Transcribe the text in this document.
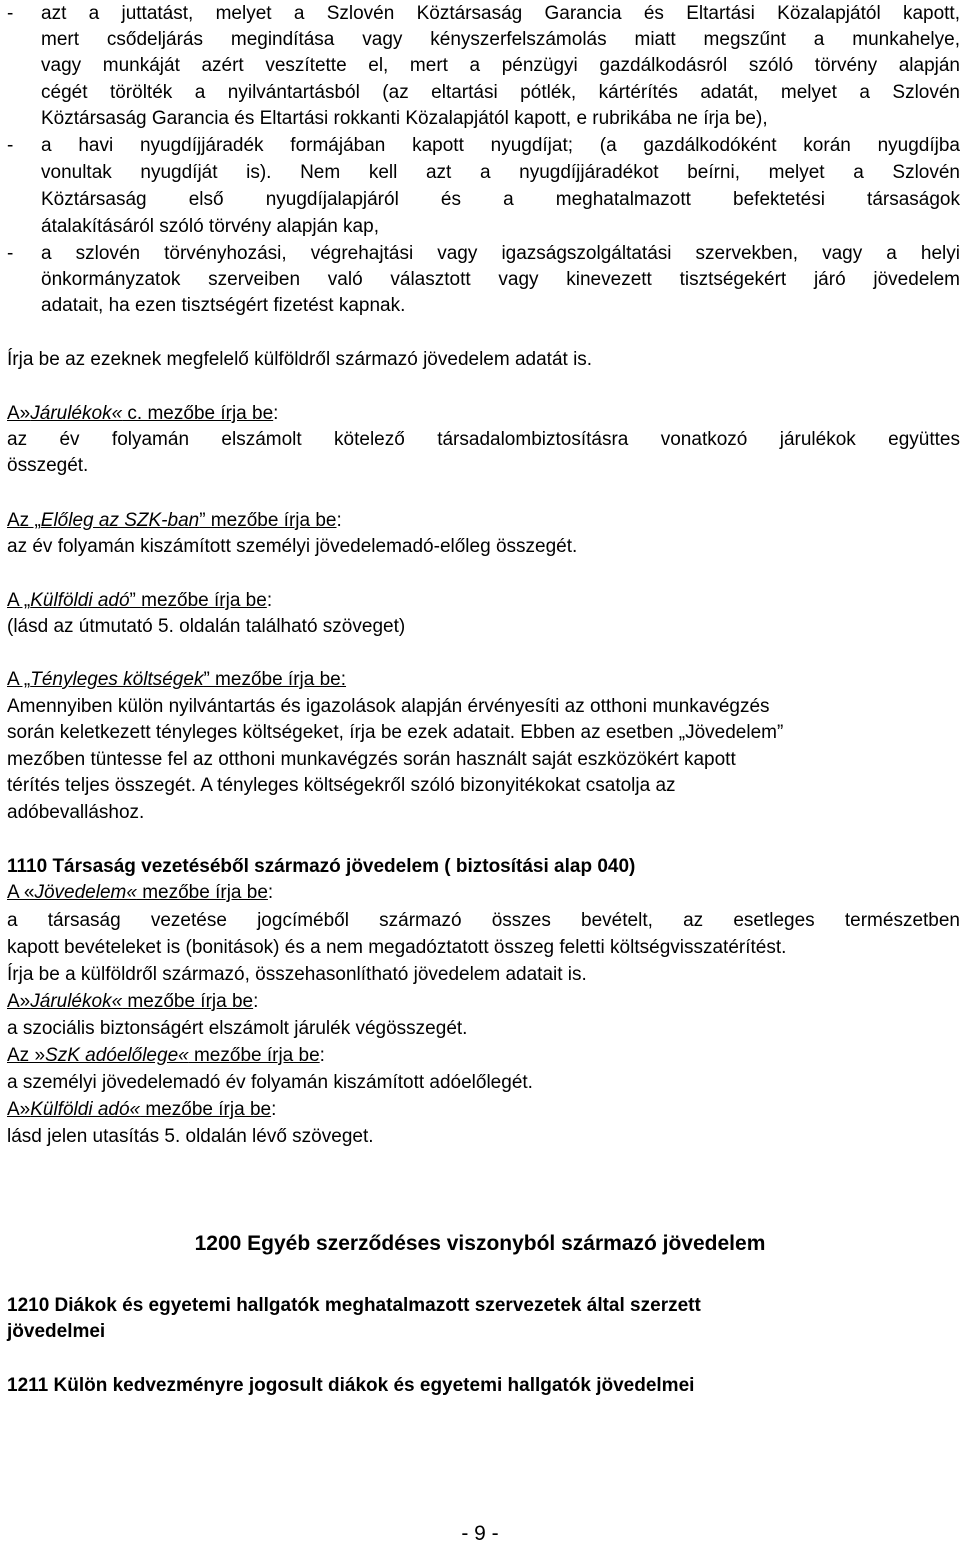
- azt a juttatást, melyet a Szlovén Köztársaság Garancia és Eltartási Közalapjától kapott,

mert csődeljárás megindítása vagy kényszerfelszámolás miatt megszűnt a munkahelye,

vagy munkáját azért veszítette el, mert a pénzügyi gazdálkodásról szóló törvény alapján

cégét törölték a nyilvántartásból (az eltartási pótlék, kártérítés adatát, melyet a Szlovén

Köztársaság Garancia és Eltartási rokkanti Közalapjától kapott, e rubrikába ne írja be),

- a havi nyugdíjjáradék formájában kapott nyugdíjat; (a gazdálkodóként korán nyugdíjba

vonultak nyugdíját is). Nem kell azt a nyugdíjjáradékot beírni, melyet a Szlovén

Köztársaság első nyugdíjalapjáról és a meghatalmazott befektetési társaságok

átalakításáról szóló törvény alapján kap,

- a szlovén törvényhozási, végrehajtási vagy igazságszolgáltatási szervekben, vagy a helyi

önkormányzatok szerveiben való választott vagy kinevezett tisztségekért járó jövedelem

adatait, ha ezen tisztségért fizetést kapnak.

Írja be az ezeknek megfelelő külföldről származó jövedelem adatát is.

A»Járulékok« c. mezőbe írja be:

az év folyamán elszámolt kötelező társadalombiztosításra vonatkozó járulékok együttes

összegét.

Az „Előleg az SZK-ban” mezőbe írja be:

az év folyamán kiszámított személyi jövedelemadó-előleg összegét.

A „Külföldi adó” mezőbe írja be:

(lásd az útmutató 5. oldalán található szöveget)

A „Tényleges költségek” mezőbe írja be:

Amennyiben külön nyilvántartás és igazolások alapján érvényesíti az otthoni munkavégzés

során keletkezett tényleges költségeket, írja be ezek adatait. Ebben az esetben „Jövedelem”

mezőben tüntesse fel az otthoni munkavégzés során használt saját eszközökért kapott

térítés teljes összegét. A tényleges költségekről szóló bizonyitékokat csatolja az

adóbevalláshoz.

1110 Társaság vezetéséből származó jövedelem ( biztosítási alap 040)

A «Jövedelem« mezőbe írja be:

a társaság vezetése jogcíméből származó összes bevételt, az esetleges természetben

kapott bevételeket is (bonitások) és a nem megadóztatott összeg feletti költségvisszatérítést.

Írja be a külföldről származó, összehasonlítható jövedelem adatait is.

A»Járulékok« mezőbe írja be:

a szociális biztonságért elszámolt járulék végösszegét.

Az »SzK adóelőlege« mezőbe írja be:

a személyi jövedelemadó év folyamán kiszámított adóelőlegét.

A»Külföldi adó« mezőbe írja be:

lásd jelen utasítás 5. oldalán lévő szöveget.

1200 Egyéb szerződéses viszonyból származó jövedelem

1210 Diákok és egyetemi hallgatók meghatalmazott szervezetek által szerzett

jövedelmei

1211 Külön kedvezményre jogosult diákok és egyetemi hallgatók jövedelmei

- 9 -
